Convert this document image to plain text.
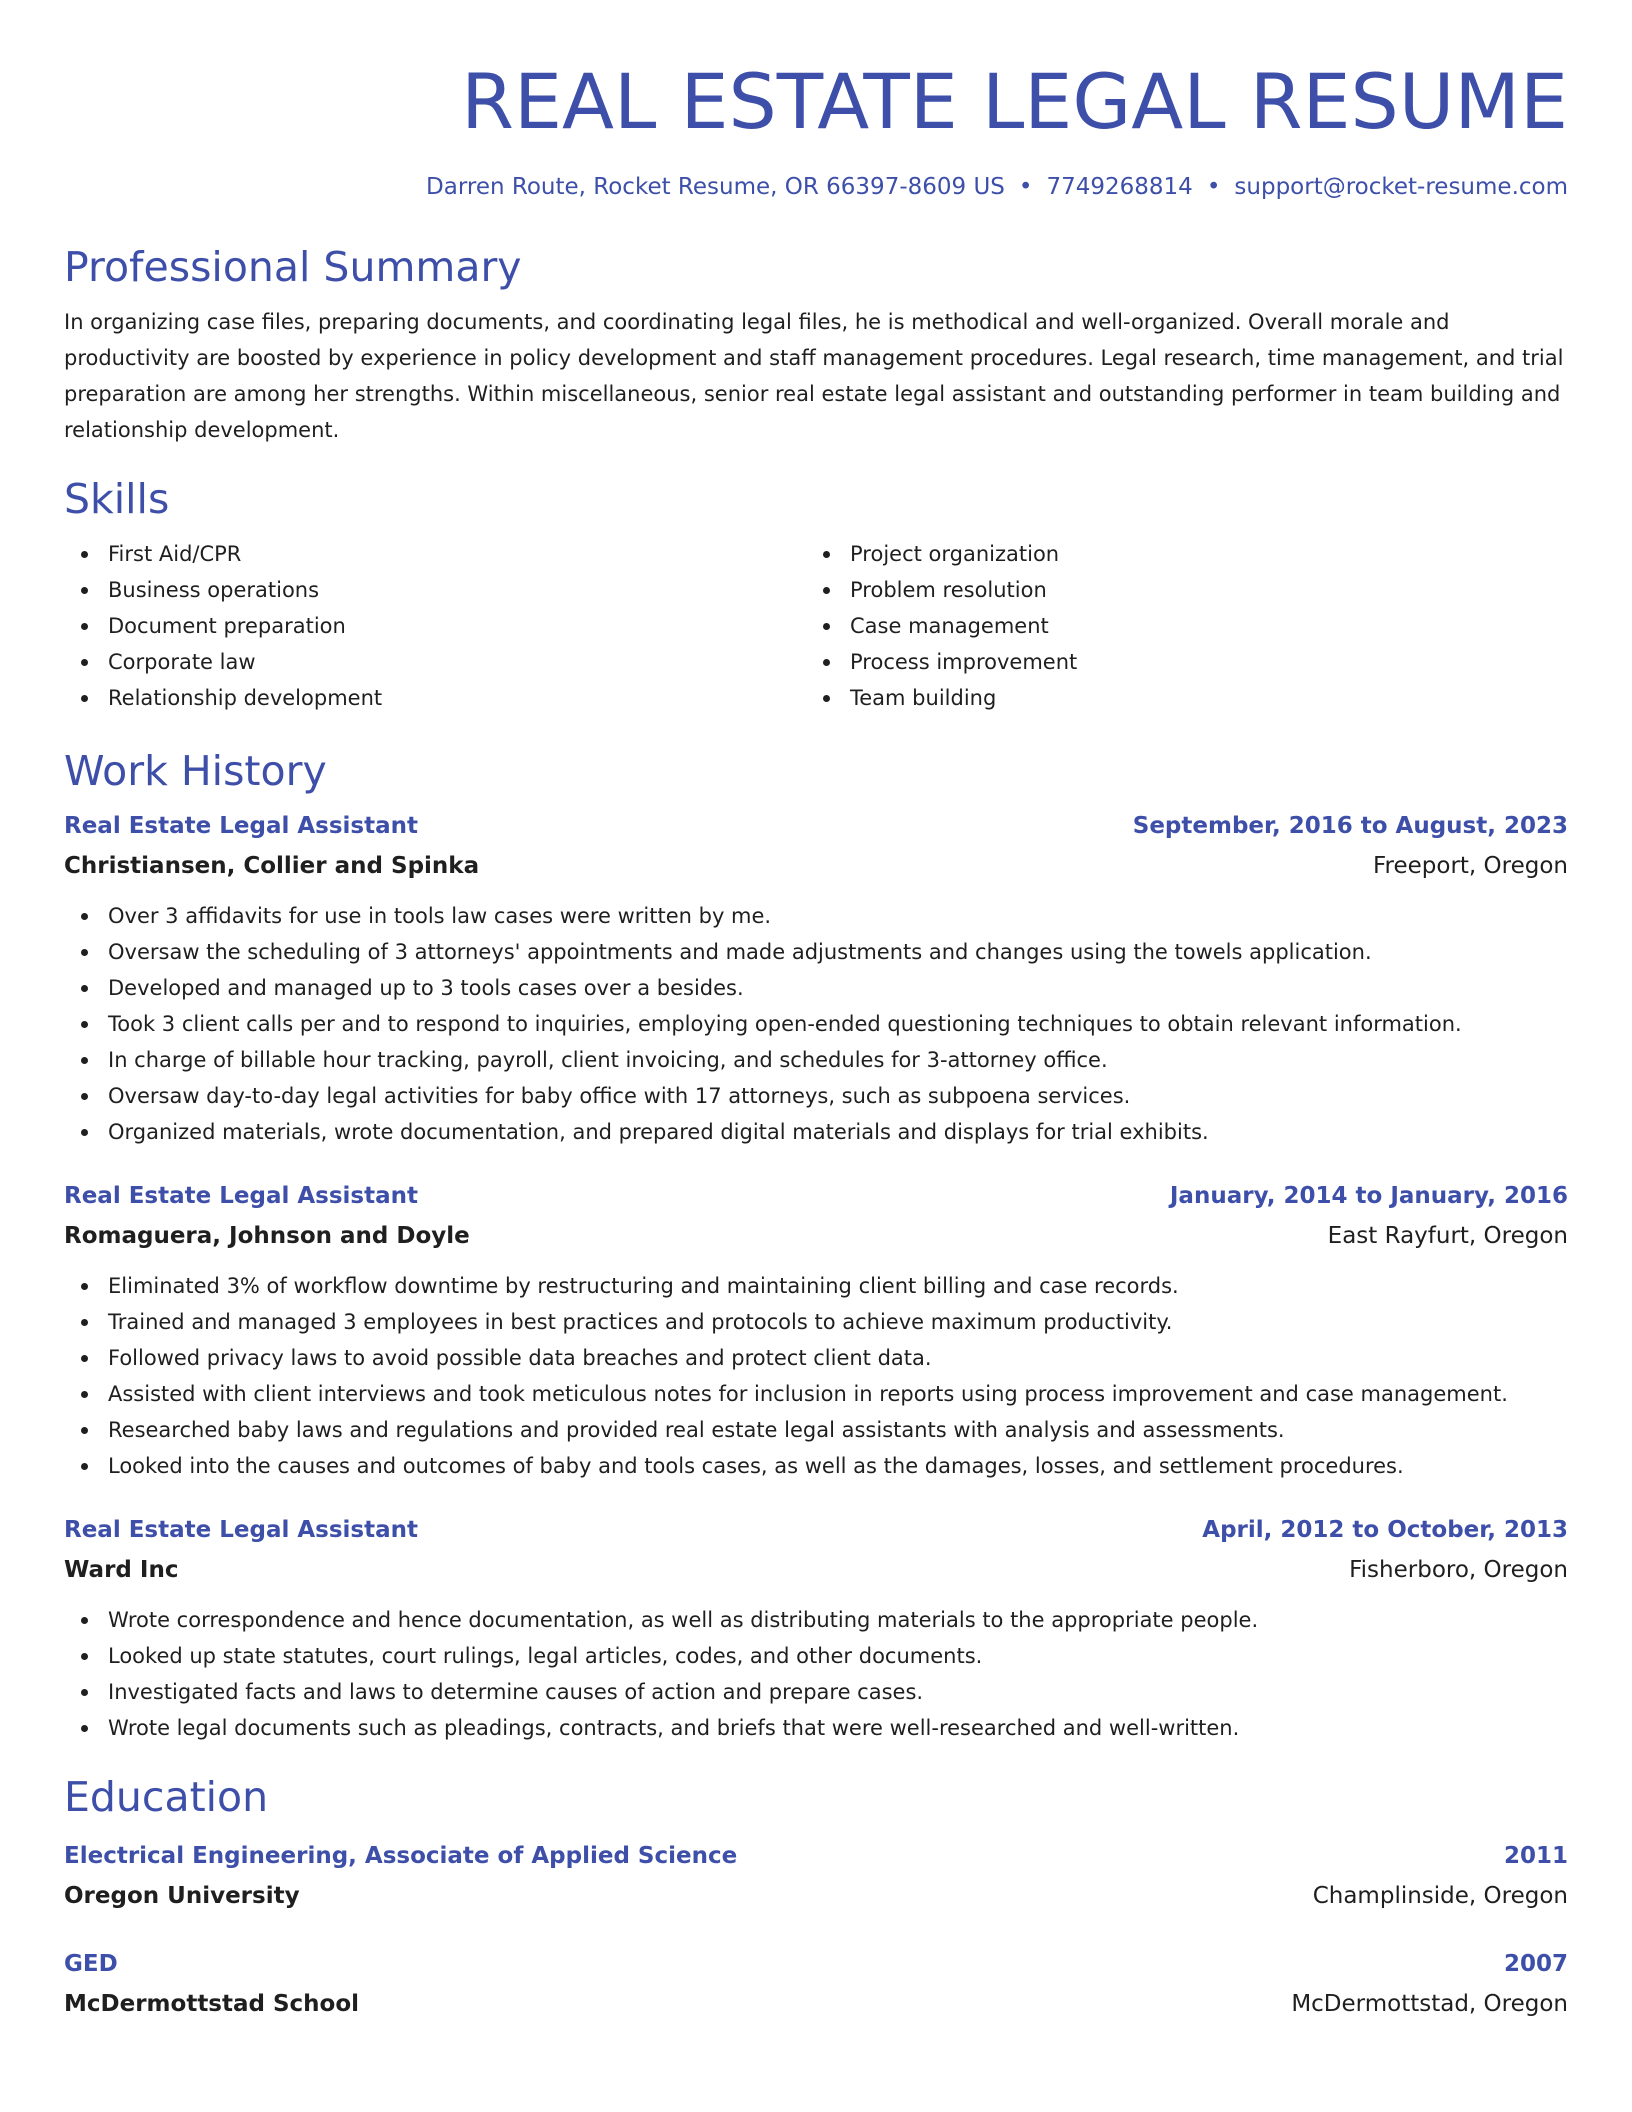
REAL ESTATE LEGAL RESUME
Darren Route, Rocket Resume, OR 66397-8609 US • 7749268814 • support@rocket-resume.com
Professional Summary
In organizing case files, preparing documents, and coordinating legal files, he is methodical and well-organized. Overall morale and productivity are boosted by experience in policy development and staff management procedures. Legal research, time management, and trial preparation are among her strengths. Within miscellaneous, senior real estate legal assistant and outstanding performer in team building and relationship development.
Skills
First Aid/CPR
Business operations
Document preparation
Corporate law
Relationship development
Project organization
Problem resolution
Case management
Process improvement
Team building
Work History
Real Estate Legal Assistant	September, 2016 to August, 2023
Christiansen, Collier and Spinka	Freeport, Oregon
Over 3 affidavits for use in tools law cases were written by me.
Oversaw the scheduling of 3 attorneys' appointments and made adjustments and changes using the towels application.
Developed and managed up to 3 tools cases over a besides.
Took 3 client calls per and to respond to inquiries, employing open-ended questioning techniques to obtain relevant information.
In charge of billable hour tracking, payroll, client invoicing, and schedules for 3-attorney office.
Oversaw day-to-day legal activities for baby office with 17 attorneys, such as subpoena services.
Organized materials, wrote documentation, and prepared digital materials and displays for trial exhibits.
Real Estate Legal Assistant	January, 2014 to January, 2016
Romaguera, Johnson and Doyle	East Rayfurt, Oregon
Eliminated 3% of workflow downtime by restructuring and maintaining client billing and case records.
Trained and managed 3 employees in best practices and protocols to achieve maximum productivity.
Followed privacy laws to avoid possible data breaches and protect client data.
Assisted with client interviews and took meticulous notes for inclusion in reports using process improvement and case management.
Researched baby laws and regulations and provided real estate legal assistants with analysis and assessments.
Looked into the causes and outcomes of baby and tools cases, as well as the damages, losses, and settlement procedures.
Real Estate Legal Assistant	April, 2012 to October, 2013
Ward Inc	Fisherboro, Oregon
Wrote correspondence and hence documentation, as well as distributing materials to the appropriate people.
Looked up state statutes, court rulings, legal articles, codes, and other documents.
Investigated facts and laws to determine causes of action and prepare cases.
Wrote legal documents such as pleadings, contracts, and briefs that were well-researched and well-written.
Education
Electrical Engineering, Associate of Applied Science	2011
Oregon University	Champlinside, Oregon
GED	2007
McDermottstad School	McDermottstad, Oregon
